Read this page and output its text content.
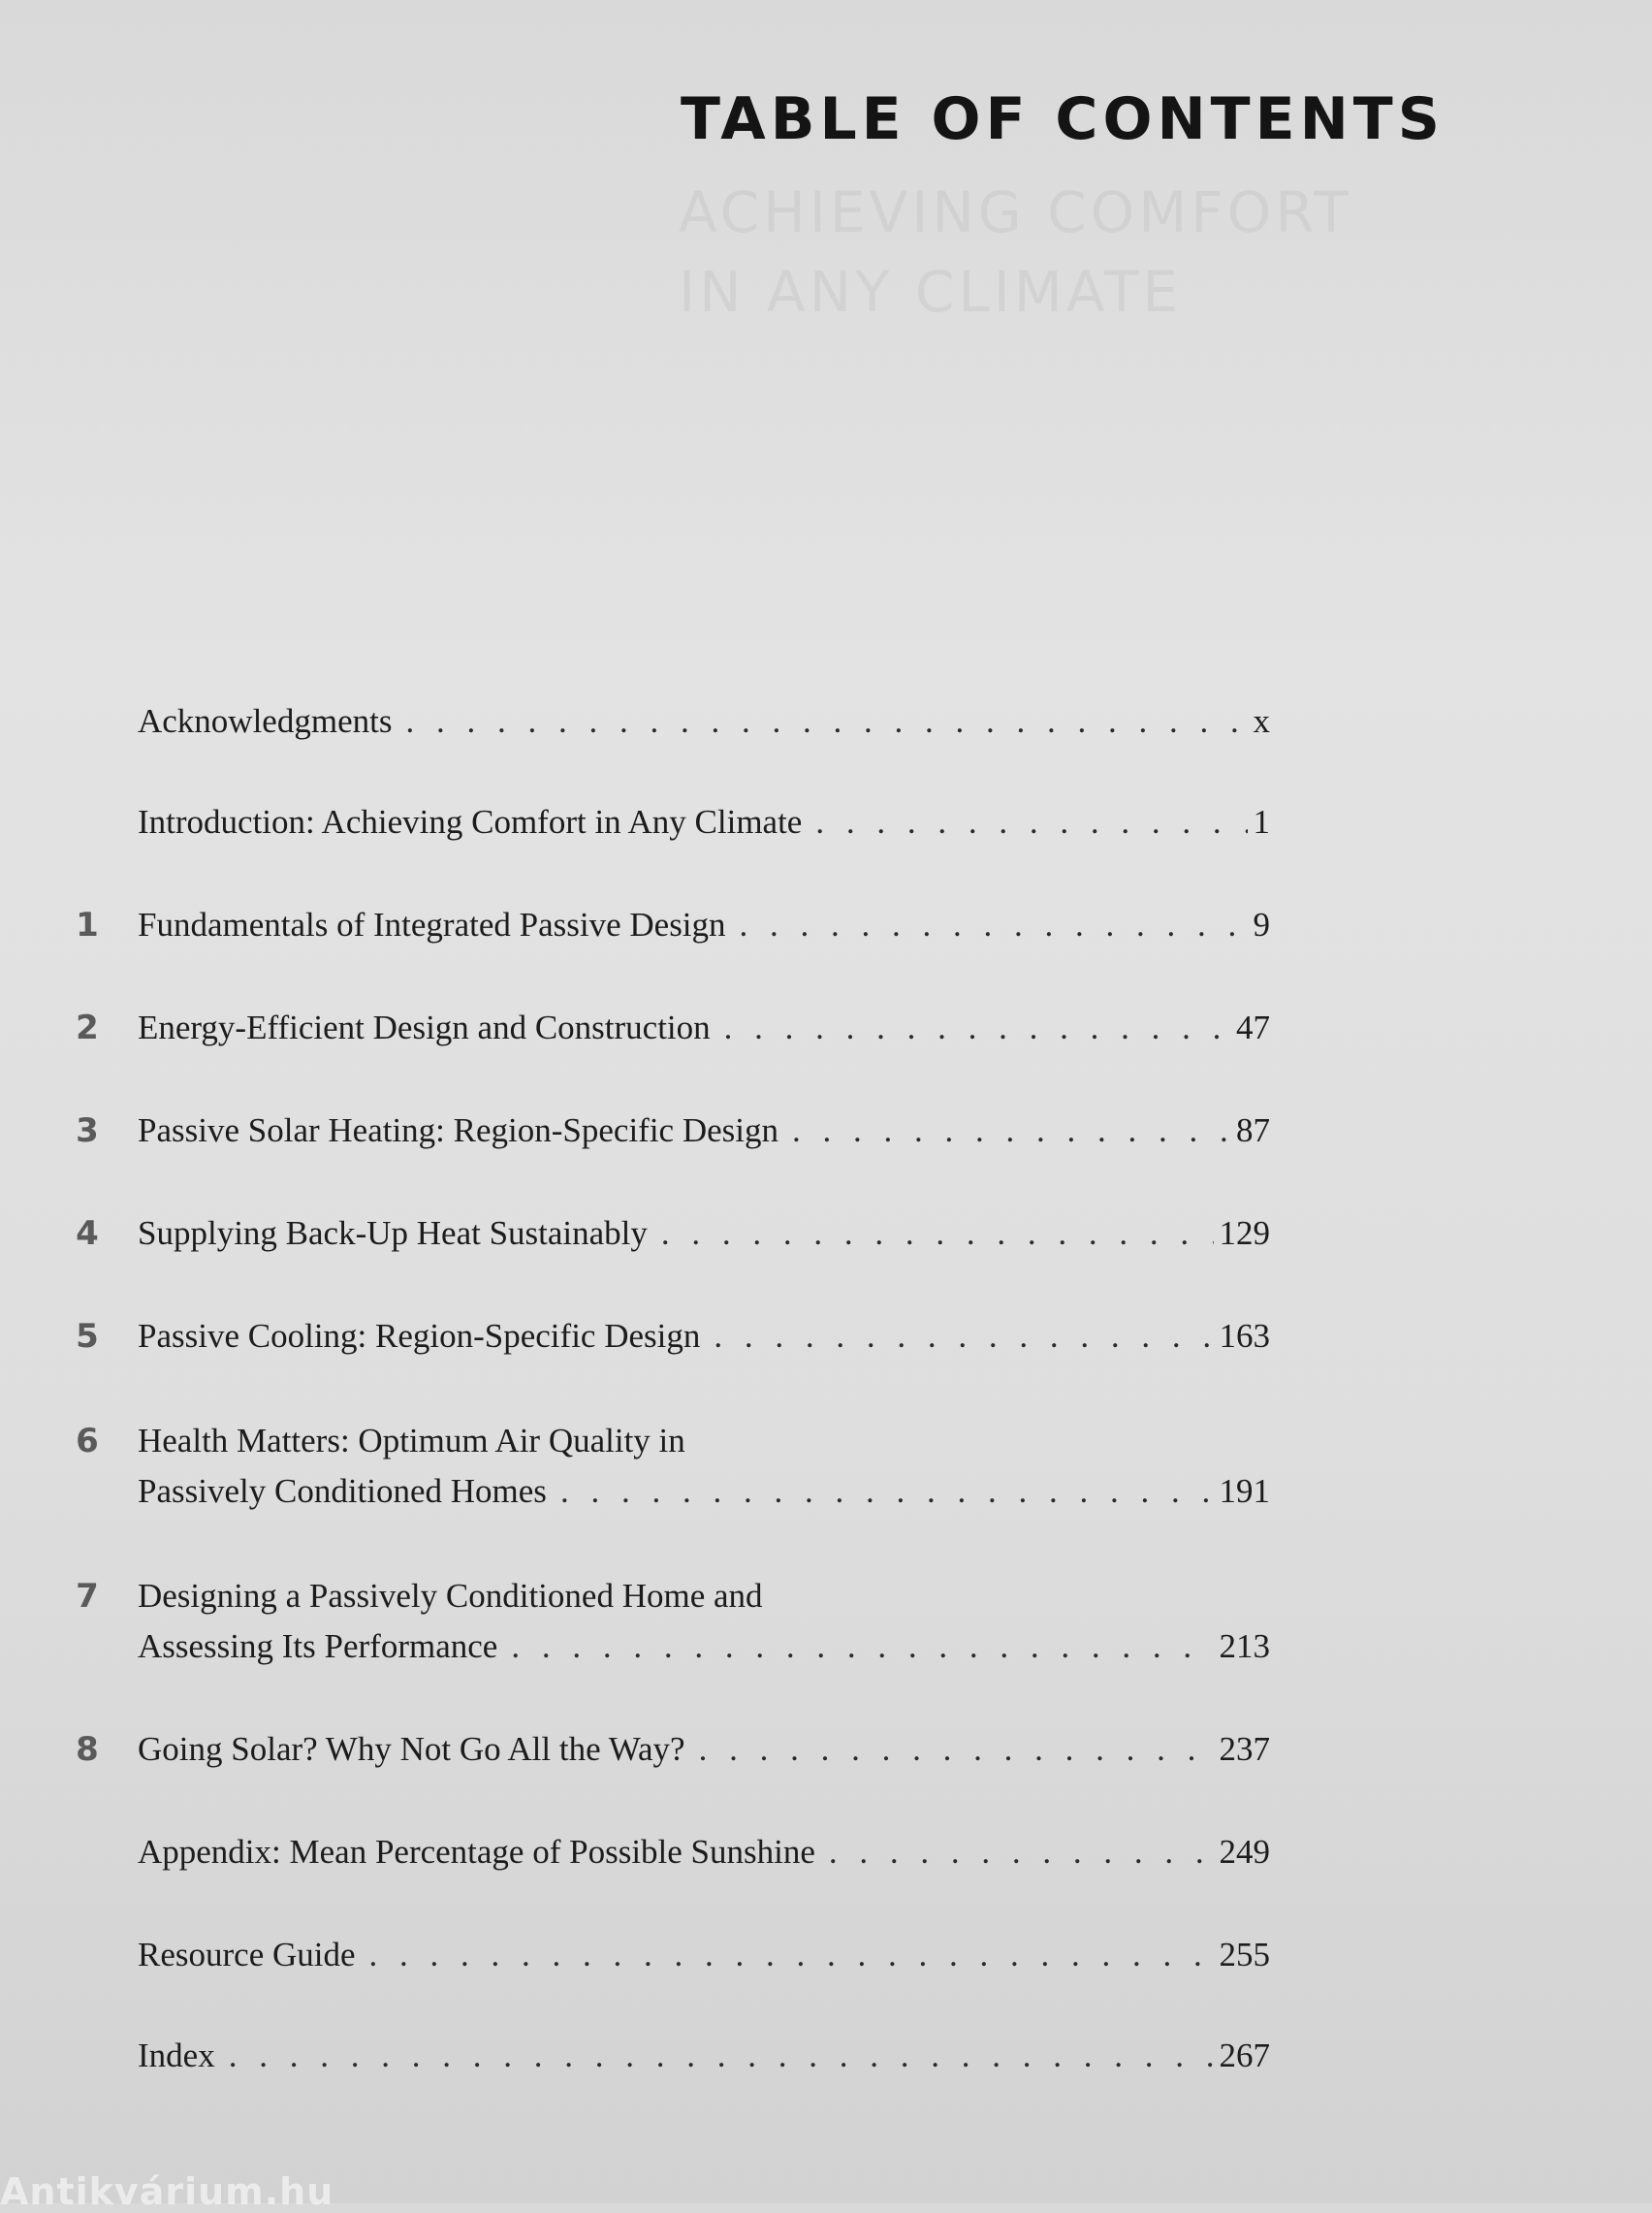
ACHIEVING COMFORT
IN ANY CLIMATE
TABLE OF CONTENTS
Acknowledgments . . .	x
Introduction: Achieving Comfort in Any Climate . . .	1
1	Fundamentals of Integrated Passive Design . . .	9
2	Energy-Efficient Design and Construction . . .	47
3	Passive Solar Heating: Region-Specific Design . . .	87
4	Supplying Back-Up Heat Sustainably . . .	129
5	Passive Cooling: Region-Specific Design . . .	163
6	Health Matters: Optimum Air Quality in
Passively Conditioned Homes . . .	191
7	Designing a Passively Conditioned Home and
Assessing Its Performance . . .	213
8	Going Solar? Why Not Go All the Way? . . .	237
Appendix: Mean Percentage of Possible Sunshine . . .	249
Resource Guide . . .	255
Index . . .	267
Antikvárium.hu
